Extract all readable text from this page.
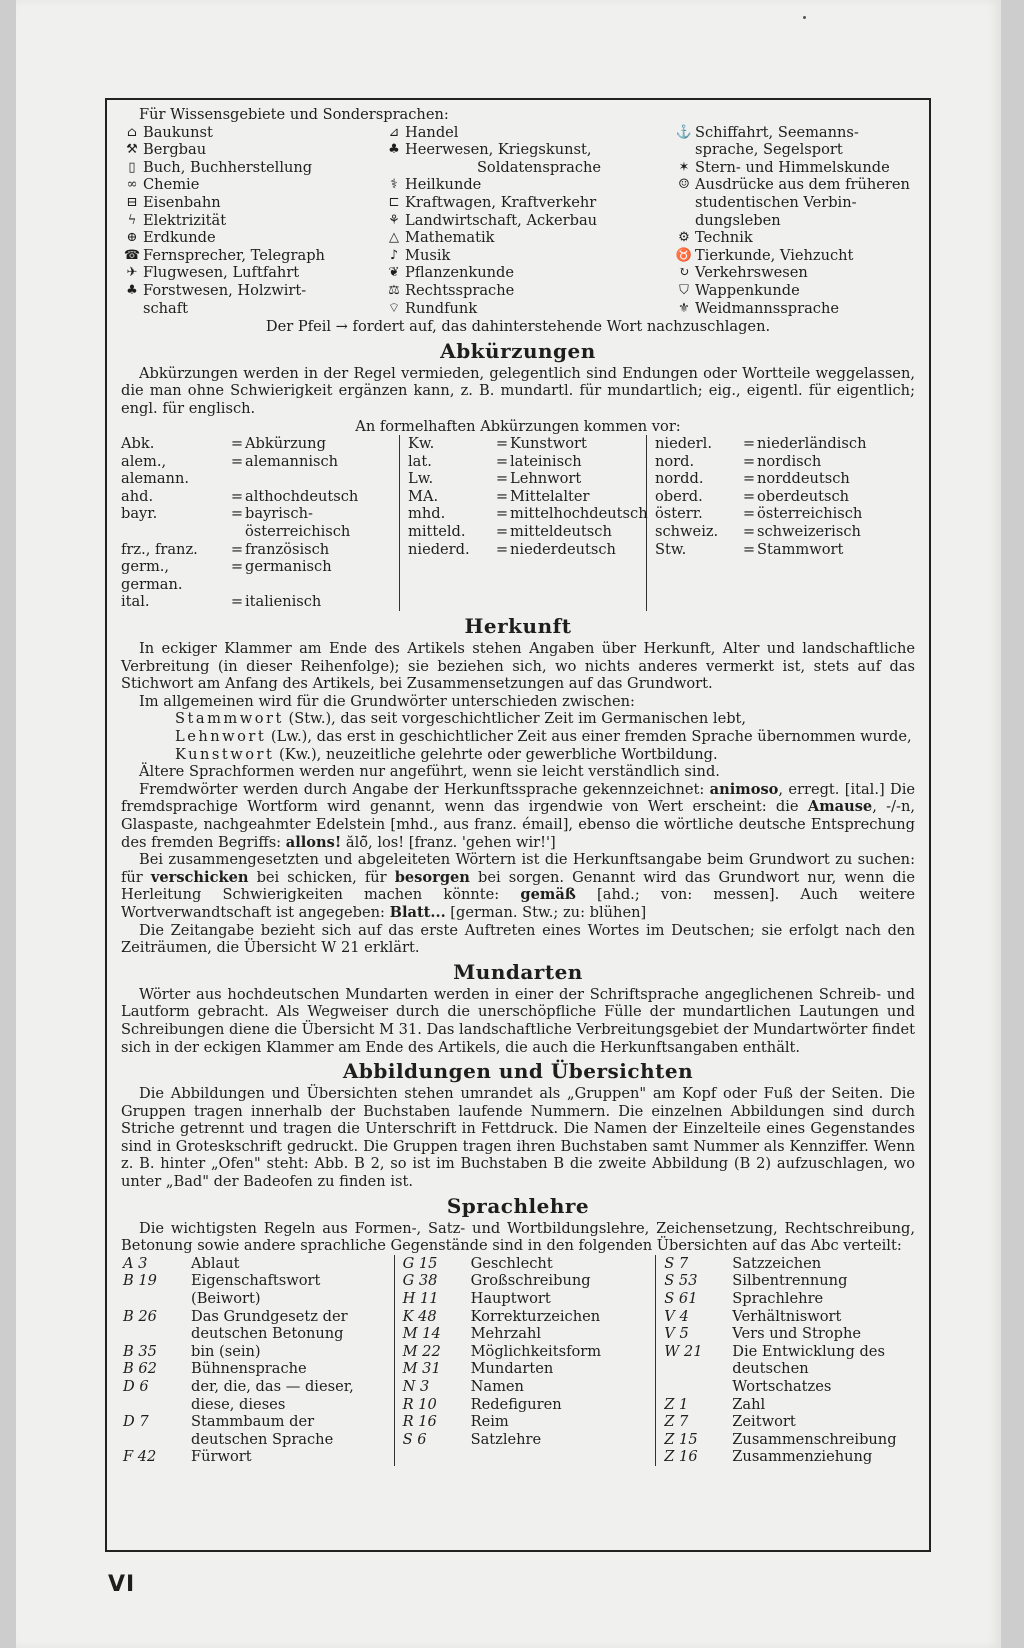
Für Wissensgebiete und Sondersprachen:
⌂ Baukunst
⚒ Bergbau
▯ Buch, Buchherstellung
∞ Chemie
⊟ Eisenbahn
ϟ Elektrizität
⊕ Erdkunde
☎ Fernsprecher, Telegraph
✈ Flugwesen, Luftfahrt
♣ Forstwesen, Holzwirt-
schaft
⊿ Handel
♣ Heerwesen, Kriegskunst,
Soldatensprache
⚕ Heilkunde
⊏ Kraftwagen, Kraftverkehr
⚘ Landwirtschaft, Ackerbau
△ Mathematik
♪ Musik
❦ Pflanzenkunde
⚖ Rechtssprache
⌔ Rundfunk
⚓ Schiffahrt, Seemanns-
sprache, Segelsport
✶ Stern- und Himmelskunde
☺ Ausdrücke aus dem früheren
studentischen Verbin-
dungsleben
⚙ Technik
♉ Tierkunde, Viehzucht
↻ Verkehrswesen
⛉ Wappenkunde
⚜ Weidmannssprache
Der Pfeil → fordert auf, das dahinterstehende Wort nachzuschlagen.
Abkürzungen

Abkürzungen werden in der Regel vermieden, gelegentlich sind Endungen oder Wortteile weggelassen, die man ohne Schwierigkeit ergänzen kann, z. B. mundartl. für mundartlich; eig., eigentl. für eigentlich; engl. für englisch.

An formelhaften Abkürzungen kommen vor:
Abk.	= Abkürzung
alem., alemann.
= alemannisch
ahd.	= althochdeutsch
bayr.	= bayrisch-österreichisch
frz., franz.	= französisch
germ., german.
= germanisch
ital.	= italienisch
Kw.	= Kunstwort
lat.	= lateinisch
Lw.	= Lehnwort
MA.	= Mittelalter
mhd.	= mittelhochdeutsch
mitteld.	= mitteldeutsch
niederd.	= niederdeutsch
niederl.	= niederländisch
nord.	= nordisch
nordd.	= norddeutsch
oberd.	= oberdeutsch
österr.	= österreichisch
schweiz.	= schweizerisch
Stw.	= Stammwort
Herkunft

In eckiger Klammer am Ende des Artikels stehen Angaben über Herkunft, Alter und landschaftliche Verbreitung (in dieser Reihenfolge); sie beziehen sich, wo nichts anderes vermerkt ist, stets auf das Stichwort am Anfang des Artikels, bei Zusammensetzungen auf das Grundwort.

Im allgemeinen wird für die Grundwörter unterschieden zwischen:

Stammwort (Stw.), das seit vorgeschichtlicher Zeit im Germanischen lebt,
Lehnwort (Lw.), das erst in geschichtlicher Zeit aus einer fremden Sprache übernommen wurde,
Kunstwort (Kw.), neuzeitliche gelehrte oder gewerbliche Wortbildung.

Ältere Sprachformen werden nur angeführt, wenn sie leicht verständlich sind.

Fremdwörter werden durch Angabe der Herkunftssprache gekennzeichnet: animoso, erregt. [ital.] Die fremdsprachige Wortform wird genannt, wenn das irgendwie von Wert erscheint: die Amause, -/-n, Glaspaste, nachgeahmter Edelstein [mhd., aus franz. émail], ebenso die wörtliche deutsche Entsprechung des fremden Begriffs: allons! ălō̃, los! [franz. 'gehen wir!']

Bei zusammengesetzten und abgeleiteten Wörtern ist die Herkunftsangabe beim Grundwort zu suchen: für verschicken bei schicken, für besorgen bei sorgen. Genannt wird das Grundwort nur, wenn die Herleitung Schwierigkeiten machen könnte: gemäß [ahd.; von: messen]. Auch weitere Wortverwandtschaft ist angegeben: Blatt... [german. Stw.; zu: blühen]

Die Zeitangabe bezieht sich auf das erste Auftreten eines Wortes im Deutschen; sie erfolgt nach den Zeiträumen, die Übersicht W 21 erklärt.

Mundarten

Wörter aus hochdeutschen Mundarten werden in einer der Schriftsprache angeglichenen Schreib- und Lautform gebracht. Als Wegweiser durch die unerschöpfliche Fülle der mundartlichen Lautungen und Schreibungen diene die Übersicht M 31. Das landschaftliche Verbreitungsgebiet der Mundartwörter findet sich in der eckigen Klammer am Ende des Artikels, die auch die Herkunftsangaben enthält.

Abbildungen und Übersichten

Die Abbildungen und Übersichten stehen umrandet als „Gruppen" am Kopf oder Fuß der Seiten. Die Gruppen tragen innerhalb der Buchstaben laufende Nummern. Die einzelnen Abbildungen sind durch Striche getrennt und tragen die Unterschrift in Fettdruck. Die Namen der Einzelteile eines Gegenstandes sind in Groteskschrift gedruckt. Die Gruppen tragen ihren Buchstaben samt Nummer als Kennziffer. Wenn z. B. hinter „Ofen" steht: Abb. B 2, so ist im Buchstaben B die zweite Abbildung (B 2) aufzuschlagen, wo unter „Bad" der Badeofen zu finden ist.

Sprachlehre

Die wichtigsten Regeln aus Formen-, Satz- und Wortbildungslehre, Zeichensetzung, Rechtschreibung, Betonung sowie andere sprachliche Gegenstände sind in den folgenden Übersichten auf das Abc verteilt:

A 3	Ablaut
B 19	Eigenschaftswort (Beiwort)
B 26	Das Grundgesetz der deutschen Betonung
B 35	bin (sein)
B 62	Bühnensprache
D 6	der, die, das — dieser, diese, dieses
D 7	Stammbaum der deutschen Sprache
F 42	Fürwort
G 15	Geschlecht
G 38	Großschreibung
H 11	Hauptwort
K 48	Korrekturzeichen
M 14	Mehrzahl
M 22	Möglichkeitsform
M 31	Mundarten
N 3	Namen
R 10	Redefiguren
R 16	Reim
S 6	Satzlehre
S 7	Satzzeichen
S 53	Silbentrennung
S 61	Sprachlehre
V 4	Verhältniswort
V 5	Vers und Strophe
W 21	Die Entwicklung des deutschen Wortschatzes
Z 1	Zahl
Z 7	Zeitwort
Z 15	Zusammenschreibung
Z 16	Zusammenziehung
VI
